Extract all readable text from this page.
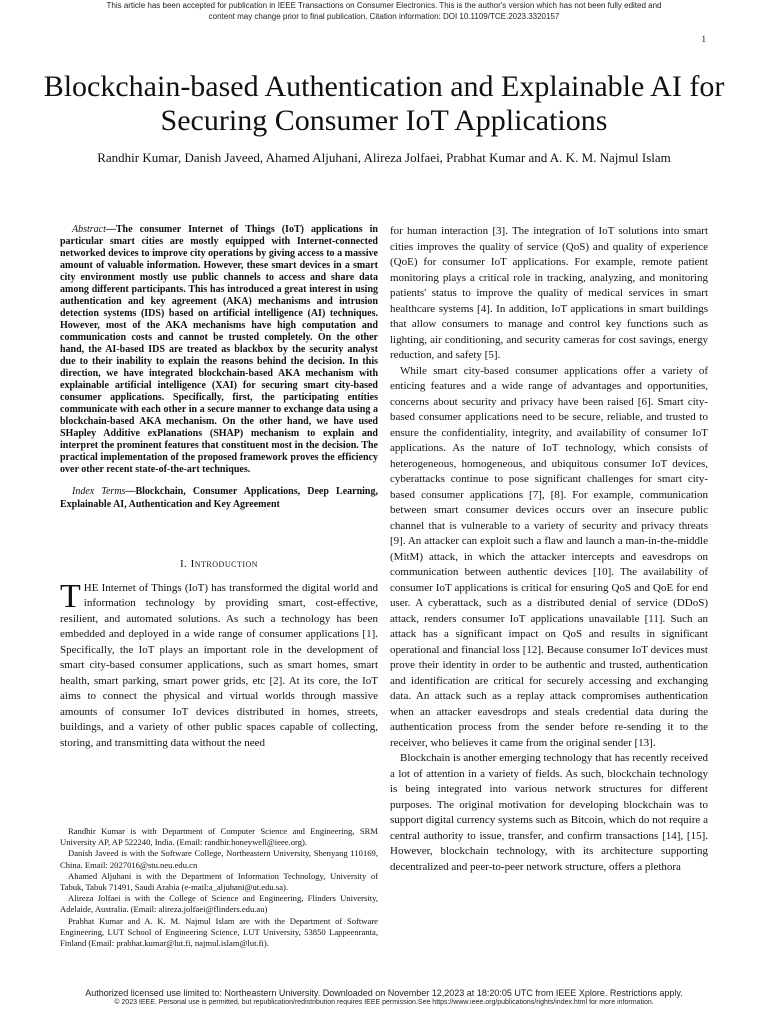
This article has been accepted for publication in IEEE Transactions on Consumer Electronics. This is the author's version which has not been fully edited and
content may change prior to final publication. Citation information: DOI 10.1109/TCE.2023.3320157
1
Blockchain-based Authentication and Explainable AI for Securing Consumer IoT Applications
Randhir Kumar, Danish Javeed, Ahamed Aljuhani, Alireza Jolfaei, Prabhat Kumar and A. K. M. Najmul Islam

Abstract—The consumer Internet of Things (IoT) applications in particular smart cities are mostly equipped with Internet-connected networked devices to improve city operations by giving access to a massive amount of valuable information. However, these smart devices in a smart city environment mostly use public channels to access and share data among different participants. This has introduced a great interest in using authentication and key agreement (AKA) mechanisms and intrusion detection systems (IDS) based on artificial intelligence (AI) techniques. However, most of the AKA mechanisms have high computation and communication costs and cannot be trusted completely. On the other hand, the AI-based IDS are treated as blackbox by the security analyst due to their inability to explain the reasons behind the decision. In this direction, we have integrated blockchain-based AKA mechanism with explainable artificial intelligence (XAI) for securing smart city-based consumer applications. Specifically, first, the participating entities communicate with each other in a secure manner to exchange data using a blockchain-based AKA mechanism. On the other hand, we have used SHapley Additive exPlanations (SHAP) mechanism to explain and interpret the prominent features that constituent most in the decision. The practical implementation of the proposed framework proves the efficiency over other recent state-of-the-art techniques.

Index Terms—Blockchain, Consumer Applications, Deep Learning, Explainable AI, Authentication and Key Agreement

I. Introduction

THE Internet of Things (IoT) has transformed the digital world and information technology by providing smart, cost-effective, resilient, and automated solutions. As such a technology has been embedded and deployed in a wide range of consumer applications [1]. Specifically, the IoT plays an important role in the development of smart city-based consumer applications, such as smart homes, smart health, smart parking, smart power grids, etc [2]. At its core, the IoT aims to connect the physical and virtual worlds through massive amounts of consumer IoT devices distributed in homes, streets, buildings, and a variety of other public spaces capable of collecting, storing, and transmitting data without the need

Randhir Kumar is with Department of Computer Science and Engineering, SRM University AP, AP 522240, India. (Email: randhir.honeywell@ieee.org).

Danish Javeed is with the Software College, Northeastern University, Shenyang 110169, China. Email: 2027016@stu.neu.edu.cn

Ahamed Aljuhani is with the Department of Information Technology, University of Tabuk, Tabuk 71491, Saudi Arabia (e-mail:a_aljuhani@ut.edu.sa).

Alireza Jolfaei is with the College of Science and Engineering, Flinders University, Adelaide, Australia. (Email: alireza.jolfaei@flinders.edu.au)

Prabhat Kumar and A. K. M. Najmul Islam are with the Department of Software Engineering, LUT School of Engineering Science, LUT University, 53850 Lappeenranta, Finland (Email: prabhat.kumar@lut.fi, najmul.islam@lut.fi).

for human interaction [3]. The integration of IoT solutions into smart cities improves the quality of service (QoS) and quality of experience (QoE) for consumer IoT applications. For example, remote patient monitoring plays a critical role in tracking, analyzing, and monitoring patients' status to improve the quality of medical services in smart healthcare systems [4]. In addition, IoT applications in smart buildings that allow consumers to manage and control key functions such as lighting, air conditioning, and security cameras for cost savings, energy reduction, and safety [5].

While smart city-based consumer applications offer a variety of enticing features and a wide range of advantages and opportunities, concerns about security and privacy have been raised [6]. Smart city-based consumer applications need to be secure, reliable, and trusted to ensure the confidentiality, integrity, and availability of consumer IoT applications. As the nature of IoT technology, which consists of heterogeneous, homogeneous, and ubiquitous consumer IoT devices, cyberattacks continue to pose significant challenges for smart city-based consumer applications [7], [8]. For example, communication between smart consumer devices occurs over an insecure public channel that is vulnerable to a variety of security and privacy threats [9]. An attacker can exploit such a flaw and launch a man-in-the-middle (MitM) attack, in which the attacker intercepts and eavesdrops on communication between authentic devices [10]. The availability of consumer IoT applications is critical for ensuring QoS and QoE for end user. A cyberattack, such as a distributed denial of service (DDoS) attack, renders consumer IoT applications unavailable [11]. Such an attack has a significant impact on QoS and results in significant operational and financial loss [12]. Because consumer IoT devices must prove their identity in order to be authentic and trusted, authentication and identification are critical for securely accessing and exchanging data. An attack such as a replay attack compromises authentication when an attacker eavesdrops and steals credential data during the authentication process from the sender before re-sending it to the receiver, who believes it came from the original sender [13].

Blockchain is another emerging technology that has recently received a lot of attention in a variety of fields. As such, blockchain technology is being integrated into various network structures for different purposes. The original motivation for developing blockchain was to support digital currency systems such as Bitcoin, which do not require a central authority to issue, transfer, and confirm transactions [14], [15]. However, blockchain technology, with its architecture supporting decentralized and peer-to-peer network structure, offers a plethora

Authorized licensed use limited to: Northeastern University. Downloaded on November 12,2023 at 18:20:05 UTC from IEEE Xplore. Restrictions apply.
© 2023 IEEE. Personal use is permitted, but republication/redistribution requires IEEE permission.See https://www.ieee.org/publications/rights/index.html for more information.
